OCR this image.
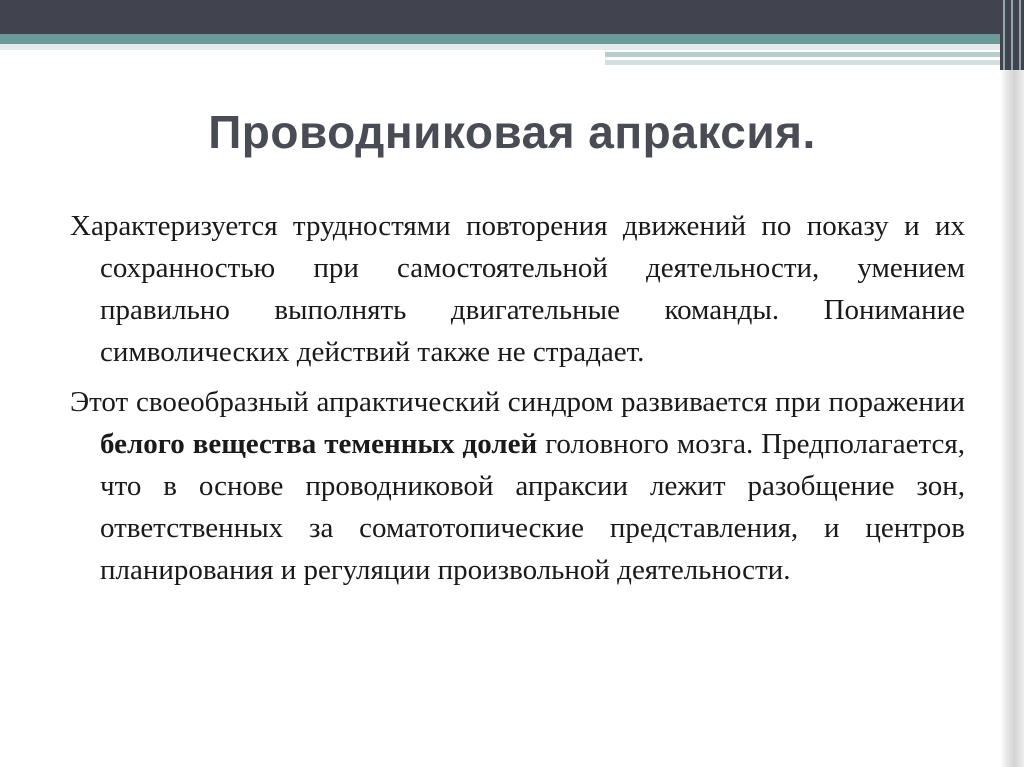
Проводниковая апраксия.

Характеризуется трудностями повторения движений по показу и их сохранностью при самостоятельной деятельности, умением правильно выполнять двигательные команды. Понимание символических действий также не страдает.

Этот своеобразный апрактический синдром развивается при поражении белого вещества теменных долей головного мозга. Предполагается, что в основе проводниковой апраксии лежит разобщение зон, ответственных за соматотопические представления, и центров планирования и регуляции произвольной деятельности.
